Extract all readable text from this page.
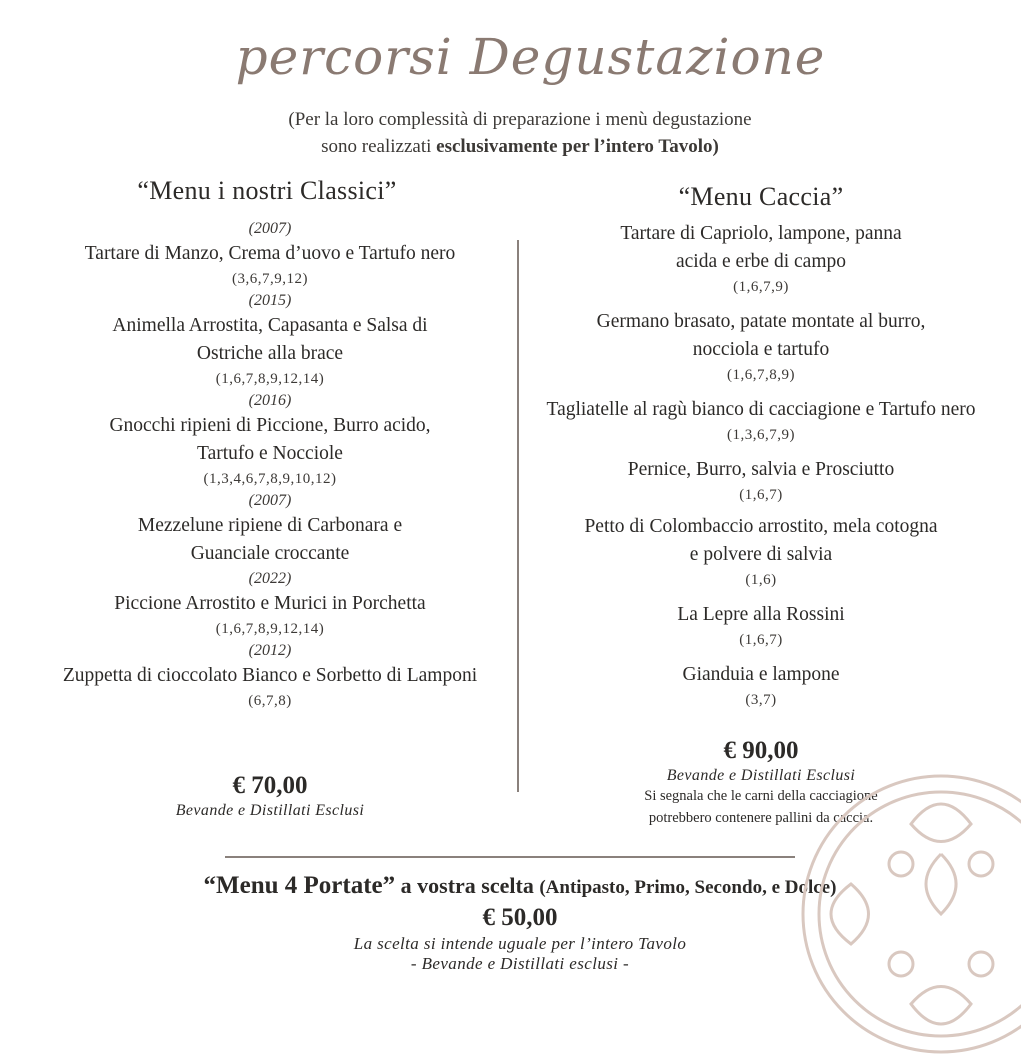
percorsi Degustazione
(Per la loro complessità di preparazione i menù degustazione
sono realizzati esclusivamente per l’intero Tavolo)
“Menu i nostri Classici”
(2007)
Tartare di Manzo, Crema d’uovo e Tartufo nero
(3,6,7,9,12)
(2015)
Animella Arrostita, Capasanta e Salsa di
Ostriche alla brace
(1,6,7,8,9,12,14)
(2016)
Gnocchi ripieni di Piccione, Burro acido,
Tartufo e Nocciole
(1,3,4,6,7,8,9,10,12)
(2007)
Mezzelune ripiene di Carbonara e
Guanciale croccante
(2022)
Piccione Arrostito e Murici in Porchetta
(1,6,7,8,9,12,14)
(2012)
Zuppetta di cioccolato Bianco e Sorbetto di Lamponi
(6,7,8)
€ 70,00
Bevande e Distillati Esclusi
“Menu Caccia”
Tartare di Capriolo, lampone, panna
acida e erbe di campo
(1,6,7,9)
Germano brasato, patate montate al burro,
nocciola e tartufo
(1,6,7,8,9)
Tagliatelle al ragù bianco di cacciagione e Tartufo nero
(1,3,6,7,9)
Pernice, Burro, salvia e Prosciutto
(1,6,7)
Petto di Colombaccio arrostito, mela cotogna
e polvere di salvia
(1,6)
La Lepre alla Rossini
(1,6,7)
Gianduia e lampone
(3,7)
€ 90,00
Bevande e Distillati Esclusi
Si segnala che le carni della cacciagione
potrebbero contenere pallini da caccia.
“Menu 4 Portate” a vostra scelta (Antipasto, Primo, Secondo, e Dolce)
€ 50,00
La scelta si intende uguale per l’intero Tavolo
- Bevande e Distillati esclusi -
